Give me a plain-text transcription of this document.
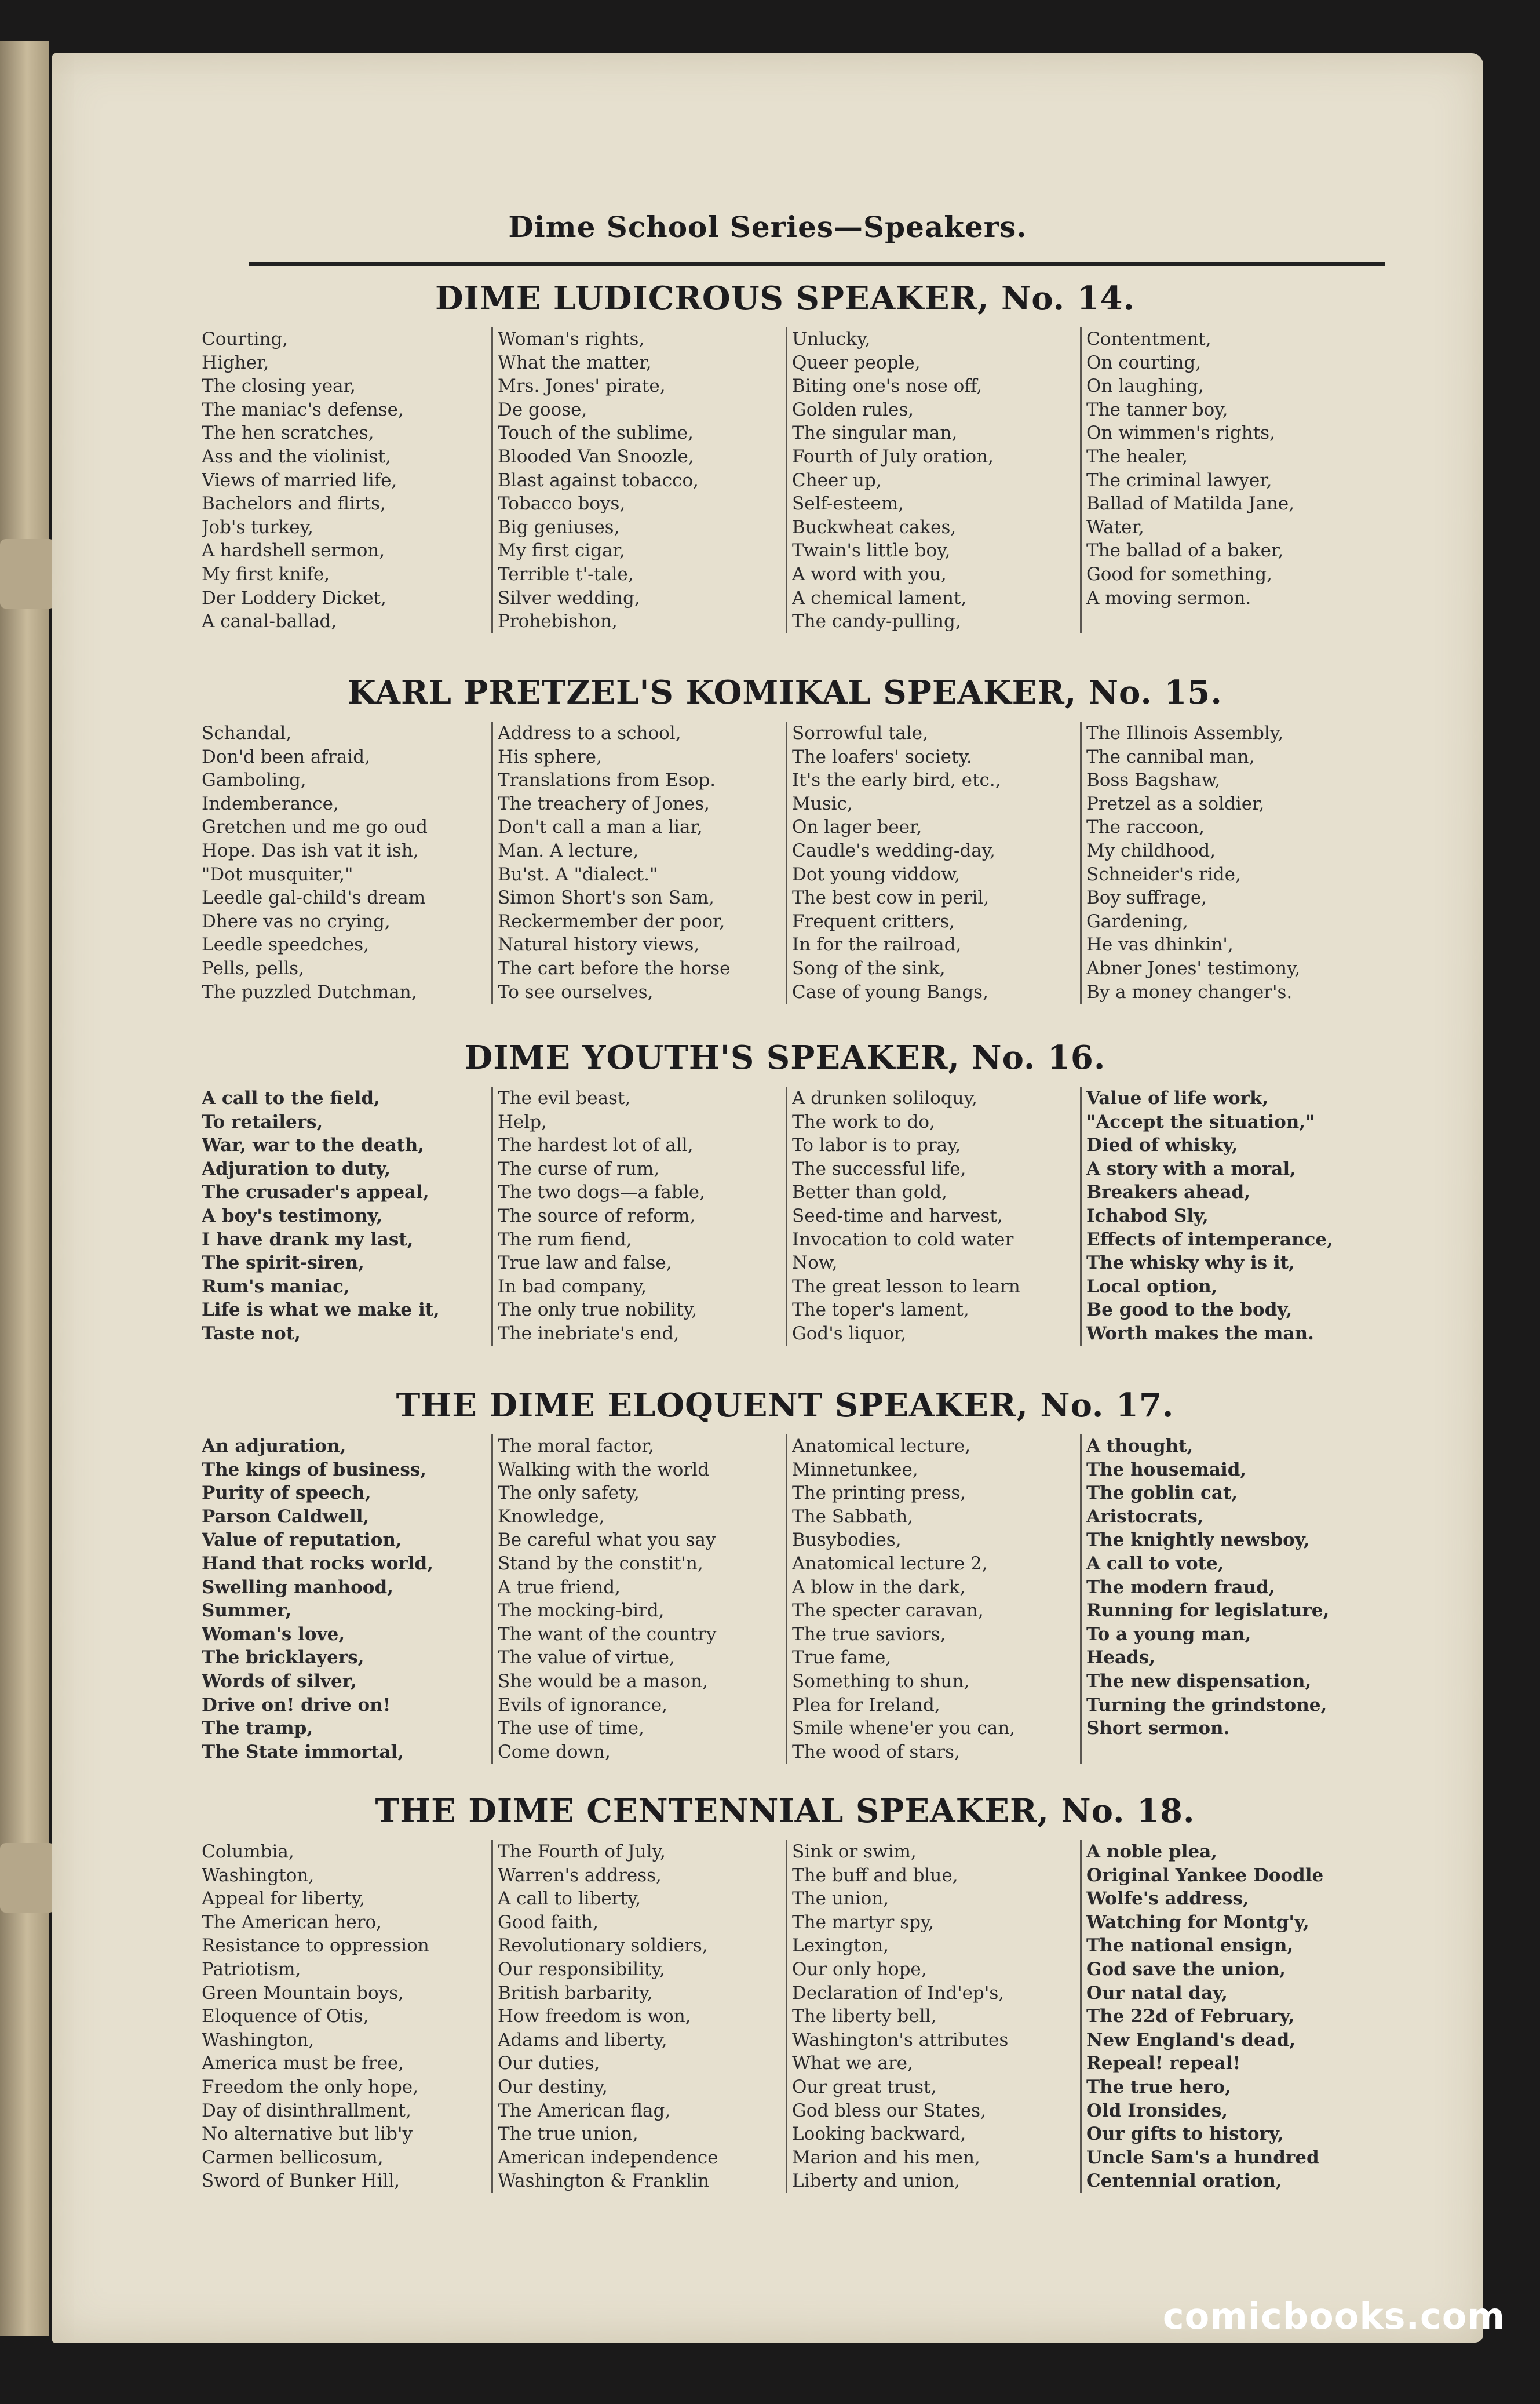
Dime School Series—Speakers.
DIME LUDICROUS SPEAKER, No. 14.
Courting,
Higher,
The closing year,
The maniac's defense,
The hen scratches,
Ass and the violinist,
Views of married life,
Bachelors and flirts,
Job's turkey,
A hardshell sermon,
My first knife,
Der Loddery Dicket,
A canal-ballad,
Woman's rights,
What the matter,
Mrs. Jones' pirate,
De goose,
Touch of the sublime,
Blooded Van Snoozle,
Blast against tobacco,
Tobacco boys,
Big geniuses,
My first cigar,
Terrible t'-tale,
Silver wedding,
Prohebishon,
Unlucky,
Queer people,
Biting one's nose off,
Golden rules,
The singular man,
Fourth of July oration,
Cheer up,
Self-esteem,
Buckwheat cakes,
Twain's little boy,
A word with you,
A chemical lament,
The candy-pulling,
Contentment,
On courting,
On laughing,
The tanner boy,
On wimmen's rights,
The healer,
The criminal lawyer,
Ballad of Matilda Jane,
Water,
The ballad of a baker,
Good for something,
A moving sermon.
KARL PRETZEL'S KOMIKAL SPEAKER, No. 15.
Schandal,
Don'd been afraid,
Gamboling,
Indemberance,
Gretchen und me go oud
Hope. Das ish vat it ish,
"Dot musquiter,"
Leedle gal-child's dream
Dhere vas no crying,
Leedle speedches,
Pells, pells,
The puzzled Dutchman,
Address to a school,
His sphere,
Translations from Esop.
The treachery of Jones,
Don't call a man a liar,
Man. A lecture,
Bu'st. A "dialect."
Simon Short's son Sam,
Reckermember der poor,
Natural history views,
The cart before the horse
To see ourselves,
Sorrowful tale,
The loafers' society.
It's the early bird, etc.,
Music,
On lager beer,
Caudle's wedding-day,
Dot young viddow,
The best cow in peril,
Frequent critters,
In for the railroad,
Song of the sink,
Case of young Bangs,
The Illinois Assembly,
The cannibal man,
Boss Bagshaw,
Pretzel as a soldier,
The raccoon,
My childhood,
Schneider's ride,
Boy suffrage,
Gardening,
He vas dhinkin',
Abner Jones' testimony,
By a money changer's.
DIME YOUTH'S SPEAKER, No. 16.
A call to the field,
To retailers,
War, war to the death,
Adjuration to duty,
The crusader's appeal,
A boy's testimony,
I have drank my last,
The spirit-siren,
Rum's maniac,
Life is what we make it,
Taste not,
The evil beast,
Help,
The hardest lot of all,
The curse of rum,
The two dogs—a fable,
The source of reform,
The rum fiend,
True law and false,
In bad company,
The only true nobility,
The inebriate's end,
A drunken soliloquy,
The work to do,
To labor is to pray,
The successful life,
Better than gold,
Seed-time and harvest,
Invocation to cold water
Now,
The great lesson to learn
The toper's lament,
God's liquor,
Value of life work,
"Accept the situation,"
Died of whisky,
A story with a moral,
Breakers ahead,
Ichabod Sly,
Effects of intemperance,
The whisky why is it,
Local option,
Be good to the body,
Worth makes the man.
THE DIME ELOQUENT SPEAKER, No. 17.
An adjuration,
The kings of business,
Purity of speech,
Parson Caldwell,
Value of reputation,
Hand that rocks world,
Swelling manhood,
Summer,
Woman's love,
The bricklayers,
Words of silver,
Drive on! drive on!
The tramp,
The State immortal,
The moral factor,
Walking with the world
The only safety,
Knowledge,
Be careful what you say
Stand by the constit'n,
A true friend,
The mocking-bird,
The want of the country
The value of virtue,
She would be a mason,
Evils of ignorance,
The use of time,
Come down,
Anatomical lecture,
Minnetunkee,
The printing press,
The Sabbath,
Busybodies,
Anatomical lecture 2,
A blow in the dark,
The specter caravan,
The true saviors,
True fame,
Something to shun,
Plea for Ireland,
Smile whene'er you can,
The wood of stars,
A thought,
The housemaid,
The goblin cat,
Aristocrats,
The knightly newsboy,
A call to vote,
The modern fraud,
Running for legislature,
To a young man,
Heads,
The new dispensation,
Turning the grindstone,
Short sermon.
THE DIME CENTENNIAL SPEAKER, No. 18.
Columbia,
Washington,
Appeal for liberty,
The American hero,
Resistance to oppression
Patriotism,
Green Mountain boys,
Eloquence of Otis,
Washington,
America must be free,
Freedom the only hope,
Day of disinthrallment,
No alternative but lib'y
Carmen bellicosum,
Sword of Bunker Hill,
The Fourth of July,
Warren's address,
A call to liberty,
Good faith,
Revolutionary soldiers,
Our responsibility,
British barbarity,
How freedom is won,
Adams and liberty,
Our duties,
Our destiny,
The American flag,
The true union,
American independence
Washington & Franklin
Sink or swim,
The buff and blue,
The union,
The martyr spy,
Lexington,
Our only hope,
Declaration of Ind'ep's,
The liberty bell,
Washington's attributes
What we are,
Our great trust,
God bless our States,
Looking backward,
Marion and his men,
Liberty and union,
A noble plea,
Original Yankee Doodle
Wolfe's address,
Watching for Montg'y,
The national ensign,
God save the union,
Our natal day,
The 22d of February,
New England's dead,
Repeal! repeal!
The true hero,
Old Ironsides,
Our gifts to history,
Uncle Sam's a hundred
Centennial oration,
comicbooks.com
